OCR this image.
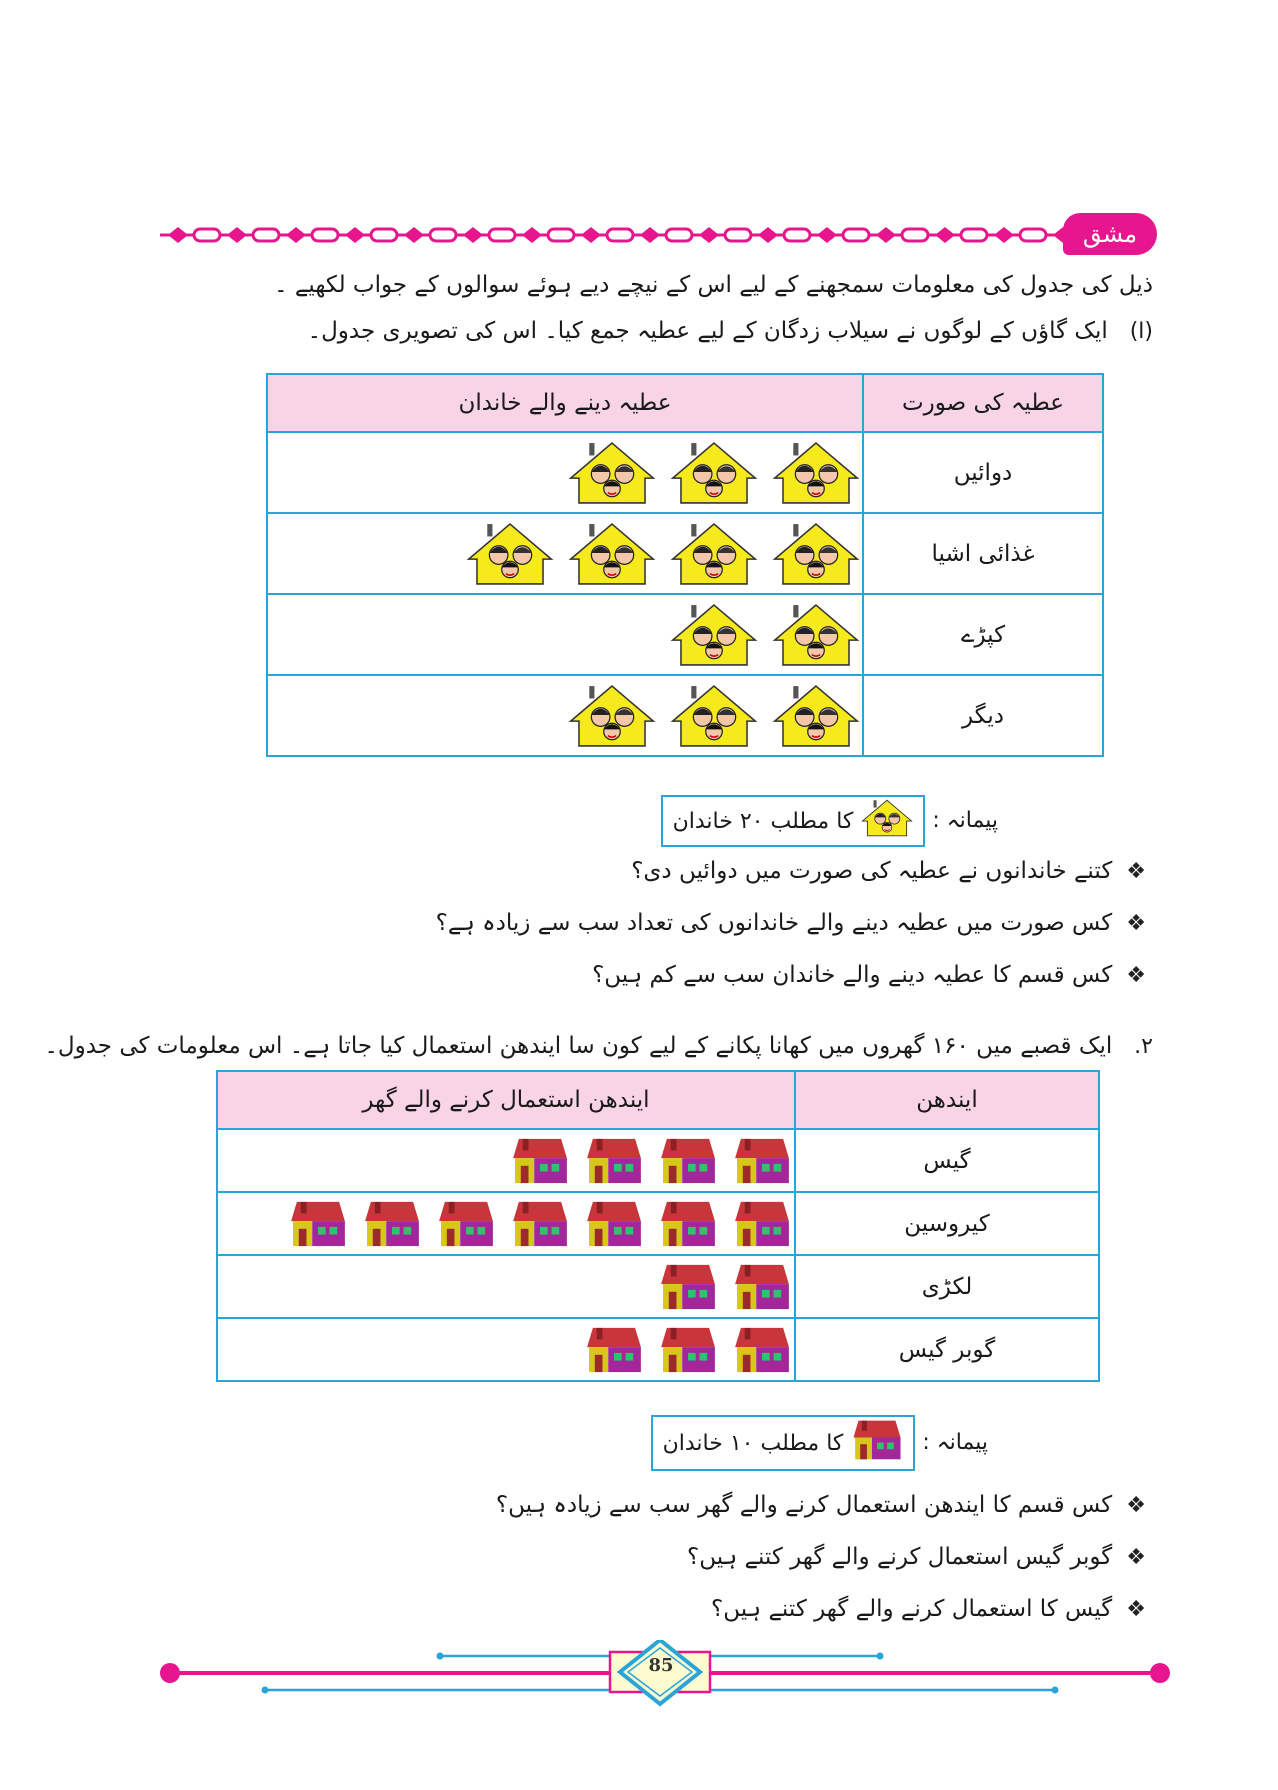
مشق
ذیل کی جدول کی معلومات سمجھنے کے لیے اس کے نیچے دیے ہوئے سوالوں کے جواب لکھیے ۔
(ا)   ایک گاؤں کے لوگوں نے سیلاب زدگان کے لیے عطیہ جمع کیا۔ اس کی تصویری جدول۔
عطیہ کی صورت	عطیہ دینے والے خاندان
دوائیں	

غذائی اشیا	

کپڑے	

دیگر	
پیمانہ :
کا مطلب ۲۰ خاندان
❖
کتنے خاندانوں نے عطیہ کی صورت میں دوائیں دی؟
❖
کس صورت میں عطیہ دینے والے خاندانوں کی تعداد سب سے زیادہ ہے؟
❖
کس قسم کا عطیہ دینے والے خاندان سب سے کم ہیں؟
۲.   ایک قصبے میں ۱۶۰ گھروں میں کھانا پکانے کے لیے کون سا ایندھن استعمال کیا جاتا ہے۔ اس معلومات کی جدول۔
ایندھن	ایندھن استعمال کرنے والے گھر
گیس	

کیروسین	

لکڑی	

گوبر گیس	
پیمانہ :
کا مطلب ۱۰ خاندان
❖
کس قسم کا ایندھن استعمال کرنے والے گھر سب سے زیادہ ہیں؟
❖
گوبر گیس استعمال کرنے والے گھر کتنے ہیں؟
❖
گیس کا استعمال کرنے والے گھر کتنے ہیں؟
85
